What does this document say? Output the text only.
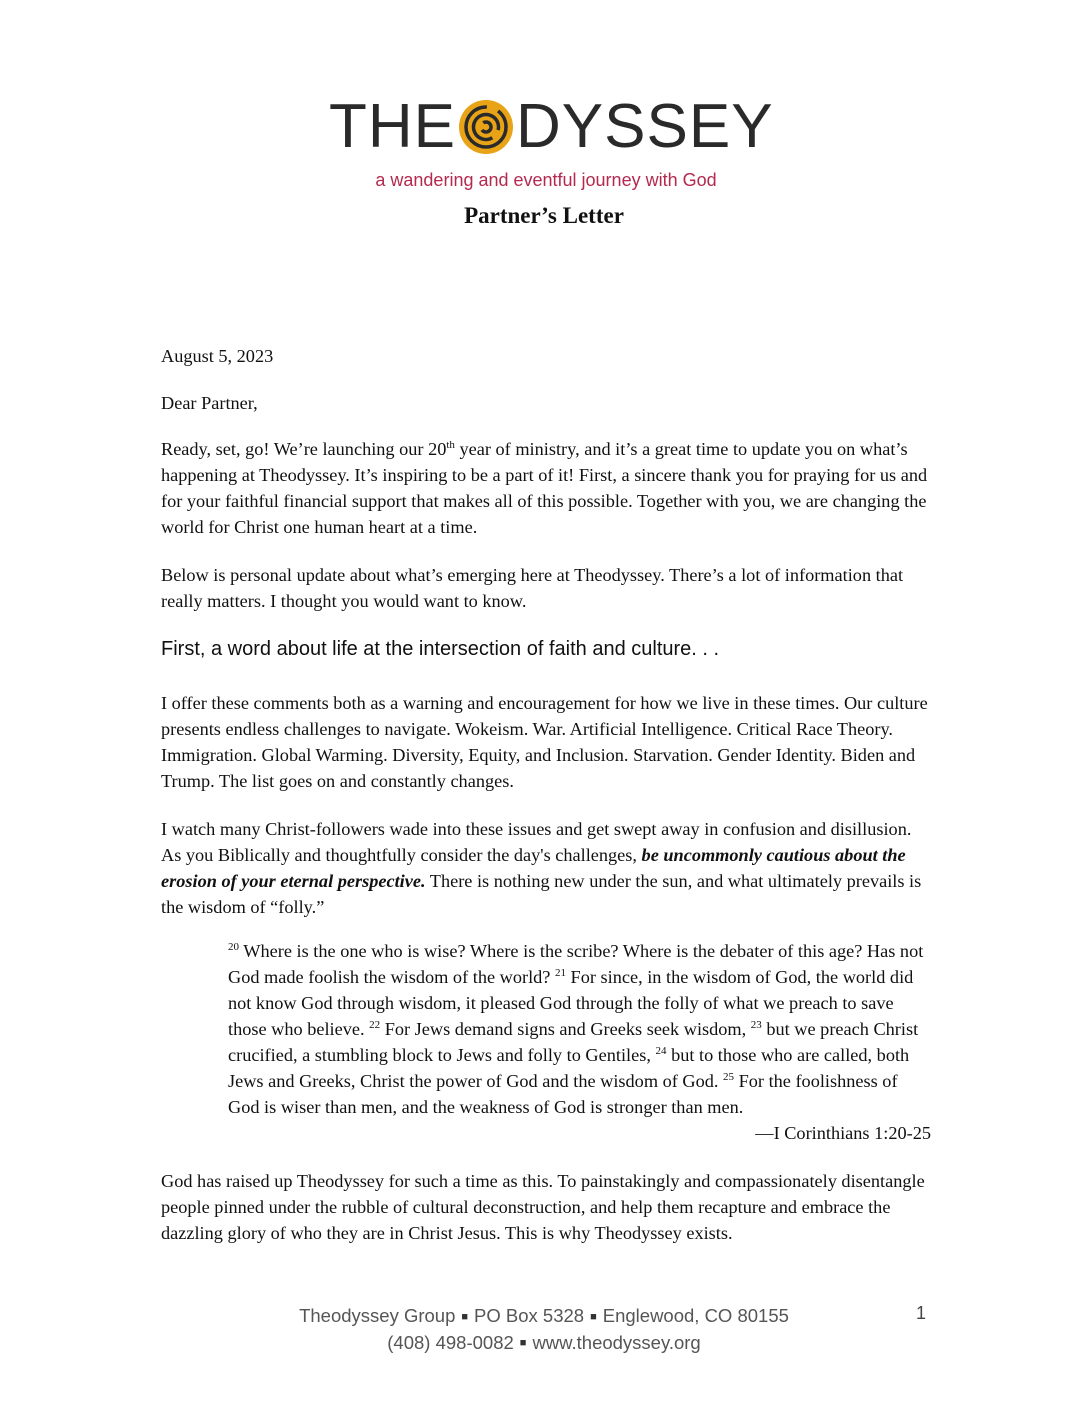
THE DYSSEY
a wandering and eventful journey with God
Partner’s Letter

August 5, 2023

Dear Partner,

Ready, set, go! We’re launching our 20th year of ministry, and it’s a great time to update you on what’s happening at Theodyssey. It’s inspiring to be a part of it! First, a sincere thank you for praying for us and for your faithful financial support that makes all of this possible. Together with you, we are changing the world for Christ one human heart at a time.

Below is personal update about what’s emerging here at Theodyssey. There’s a lot of information that really matters. I thought you would want to know.

First, a word about life at the intersection of faith and culture. . .

I offer these comments both as a warning and encouragement for how we live in these times. Our culture presents endless challenges to navigate. Wokeism. War. Artificial Intelligence. Critical Race Theory. Immigration. Global Warming. Diversity, Equity, and Inclusion. Starvation. Gender Identity. Biden and Trump. The list goes on and constantly changes.

I watch many Christ-followers wade into these issues and get swept away in confusion and disillusion. As you Biblically and thoughtfully consider the day's challenges, be uncommonly cautious about the erosion of your eternal perspective. There is nothing new under the sun, and what ultimately prevails is the wisdom of “folly.”

$^{20}$ Where is the one who is wise? Where is the scribe? Where is the debater of this age? Has not God made foolish the wisdom of the world? $^{21}$ For since, in the wisdom of God, the world did not know God through wisdom, it pleased God through the folly of what we preach to save those who believe. $^{22}$ For Jews demand signs and Greeks seek wisdom, $^{23}$ but we preach Christ crucified, a stumbling block to Jews and folly to Gentiles, $^{24}$ but to those who are called, both Jews and Greeks, Christ the power of God and the wisdom of God. $^{25}$ For the foolishness of God is wiser than men, and the weakness of God is stronger than men.

—I Corinthians 1:20-25

God has raised up Theodyssey for such a time as this. To painstakingly and compassionately disentangle people pinned under the rubble of cultural deconstruction, and help them recapture and embrace the dazzling glory of who they are in Christ Jesus. This is why Theodyssey exists.

Theodyssey Group ■ PO Box 5328 ■ Englewood, CO 80155
(408) 498-0082 ■ www.theodyssey.org
1
